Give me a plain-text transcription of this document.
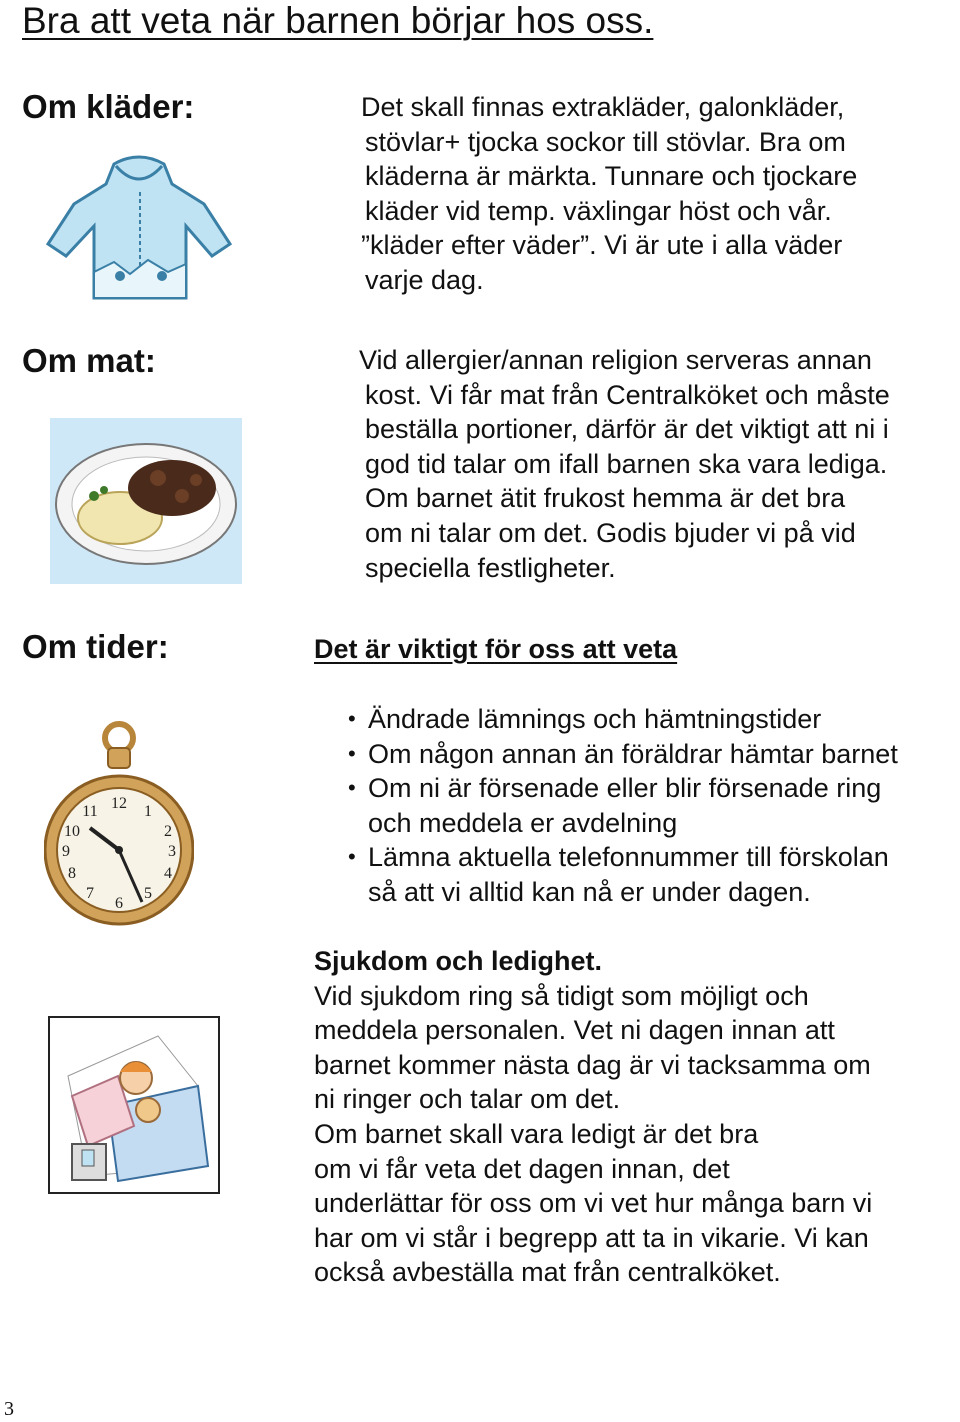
Bra att veta när barnen börjar hos oss.
Om kläder:	Det skall finnas extrakläder, galonkläder,
stövlar+ tjocka sockor till stövlar. Bra om
kläderna är märkta. Tunnare och tjockare
kläder vid temp. växlingar höst och vår.
”kläder efter väder”. Vi är ute i alla väder
varje dag.
Om mat:	Vid allergier/annan religion serveras annan
kost. Vi får mat från Centralköket och måste
beställa portioner, därför är det viktigt att ni i
god tid talar om ifall barnen ska vara lediga.
Om barnet ätit frukost hemma är det bra
om ni talar om det. Godis bjuder vi på vid
speciella festligheter.
Om tider:
12 1
2
3
4
5
6
7
8
9
10
11
Det är viktigt för oss att veta
• Ändrade lämnings och hämtningstider
• Om någon annan än föräldrar hämtar barnet
• Om ni är försenade eller blir försenade ring
och meddela er avdelning
• Lämna aktuella telefonnummer till förskolan
så att vi alltid kan nå er under dagen.
Sjukdom och ledighet.
Vid sjukdom ring så tidigt som möjligt och
meddela personalen. Vet ni dagen innan att
barnet kommer nästa dag är vi tacksamma om
ni ringer och talar om det.
Om barnet skall vara ledigt är det bra
om vi får veta det dagen innan, det
underlättar för oss om vi vet hur många barn vi
har om vi står i begrepp att ta in vikarie. Vi kan
också avbeställa mat från centralköket.
3
